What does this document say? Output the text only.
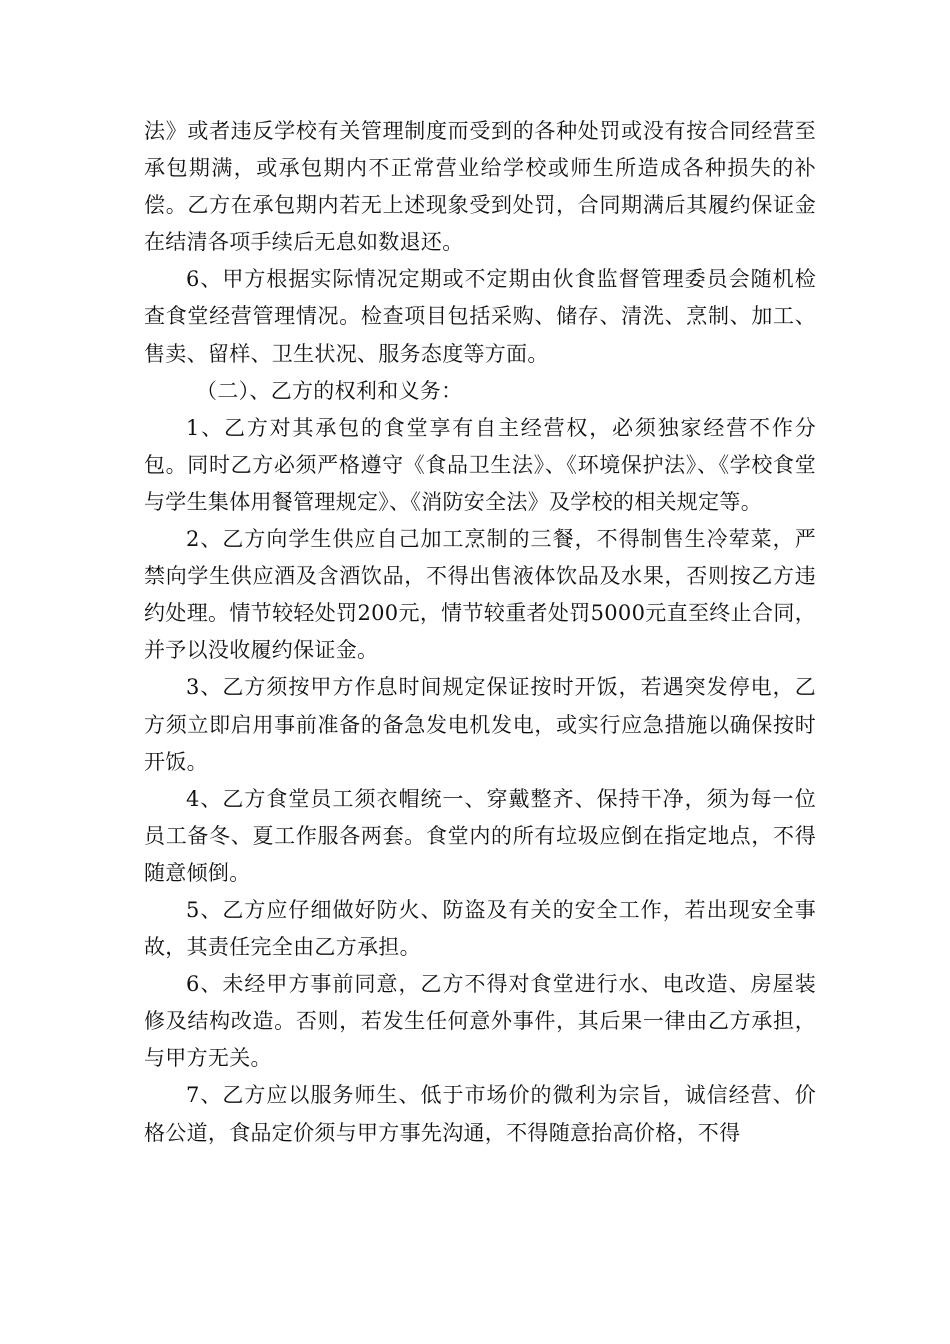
法》或者违反学校有关管理制度而受到的各种处罚或没有按合同经营至承包期满，或承包期内不正常营业给学校或师生所造成各种损失的补偿。乙方在承包期内若无上述现象受到处罚，合同期满后其履约保证金在结清各项手续后无息如数退还。

6、甲方根据实际情况定期或不定期由伙食监督管理委员会随机检查食堂经营管理情况。检查项目包括采购、储存、清洗、烹制、加工、售卖、留样、卫生状况、服务态度等方面。

（二）、乙方的权利和义务：

1、乙方对其承包的食堂享有自主经营权，必须独家经营不作分包。同时乙方必须严格遵守《食品卫生法》、《环境保护法》、《学校食堂与学生集体用餐管理规定》、《消防安全法》及学校的相关规定等。

2、乙方向学生供应自己加工烹制的三餐，不得制售生冷荤菜，严禁向学生供应酒及含酒饮品，不得出售液体饮品及水果，否则按乙方违约处理。情节较轻处罚200元，情节较重者处罚5000元直至终止合同，并予以没收履约保证金。

3、乙方须按甲方作息时间规定保证按时开饭，若遇突发停电，乙方须立即启用事前准备的备急发电机发电，或实行应急措施以确保按时开饭。

4、乙方食堂员工须衣帽统一、穿戴整齐、保持干净，须为每一位员工备冬、夏工作服各两套。食堂内的所有垃圾应倒在指定地点，不得随意倾倒。

5、乙方应仔细做好防火、防盗及有关的安全工作，若出现安全事故，其责任完全由乙方承担。

6、未经甲方事前同意，乙方不得对食堂进行水、电改造、房屋装修及结构改造。否则，若发生任何意外事件，其后果一律由乙方承担，与甲方无关。

7、乙方应以服务师生、低于市场价的微利为宗旨，诚信经营、价格公道，食品定价须与甲方事先沟通，不得随意抬高价格，不得
